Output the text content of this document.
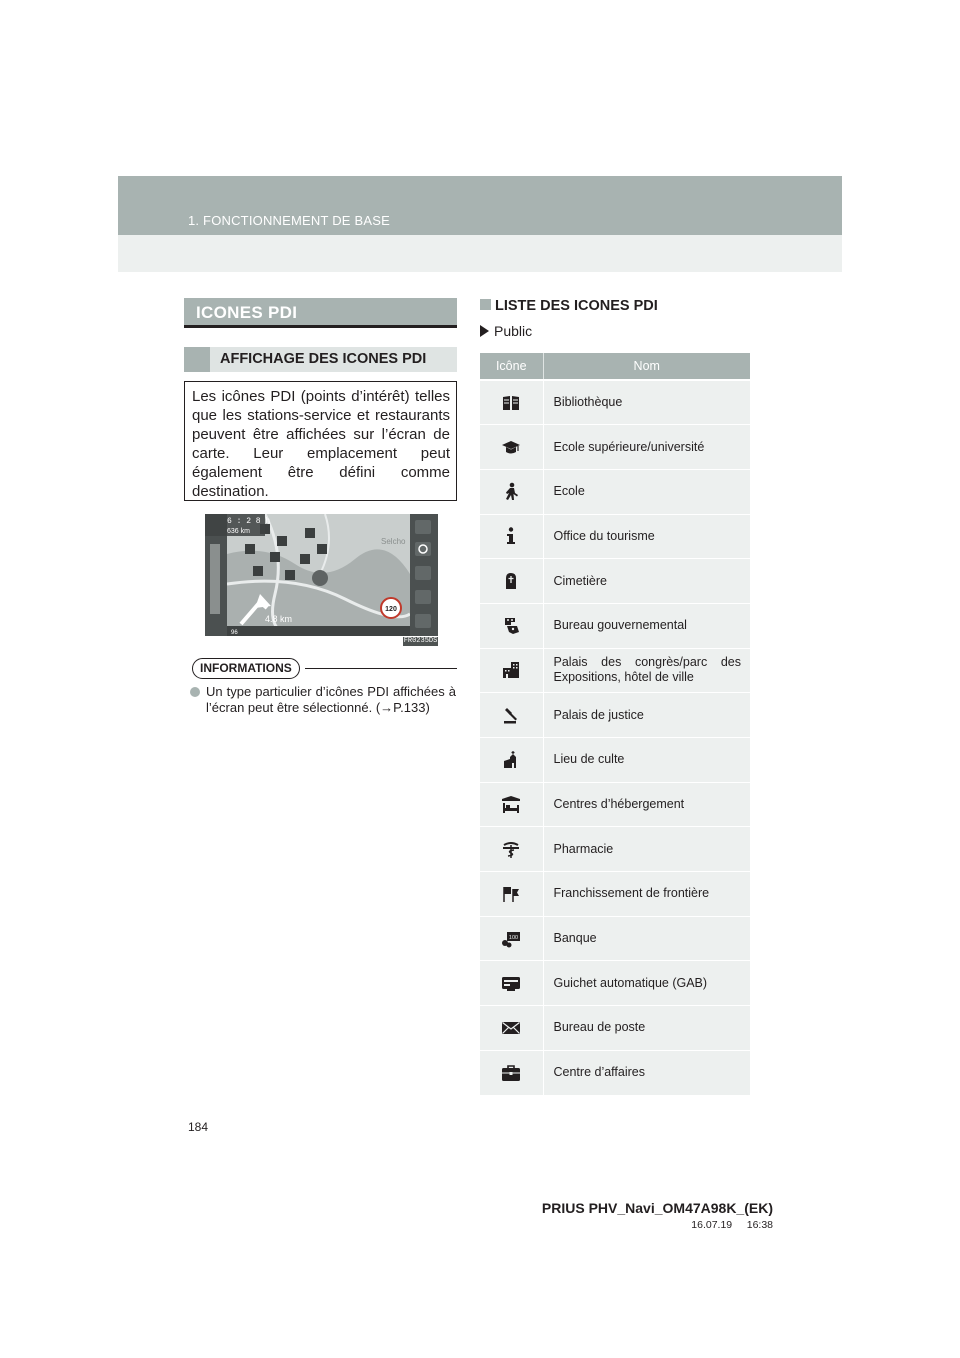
1. FONCTIONNEMENT DE BASE
ICONES PDI
AFFICHAGE DES ICONES PDI

Les icônes PDI (points d’intérêt) telles que les stations-service et restaurants peuvent être affichées sur l’écran de carte. Leur emplacement peut également être défini comme destination.

6 : 2 8 h
636 km
4.8 km
Selcho
120
96
FR0235DS
INFORMATIONS
Un type particulier d’icônes PDI affichées à l’écran peut être sélectionné. (→P.133)
LISTE DES ICONES PDI
Public
Icône	Nom
	Bibliothèque
	Ecole supérieure/université
	Ecole
	Office du tourisme
	Cimetière
	Bureau gouvernemental
	Palais des congrès/parc des Expositions, hôtel de ville
	Palais de justice
	Lieu de culte
	Centres d’hébergement
	Pharmacie
	Franchissement de frontière

100	Banque
	Guichet automatique (GAB)
	Bureau de poste
	Centre d’affaires
184
PRIUS PHV_Navi_OM47A98K_(EK)
16.07.19     16:38
